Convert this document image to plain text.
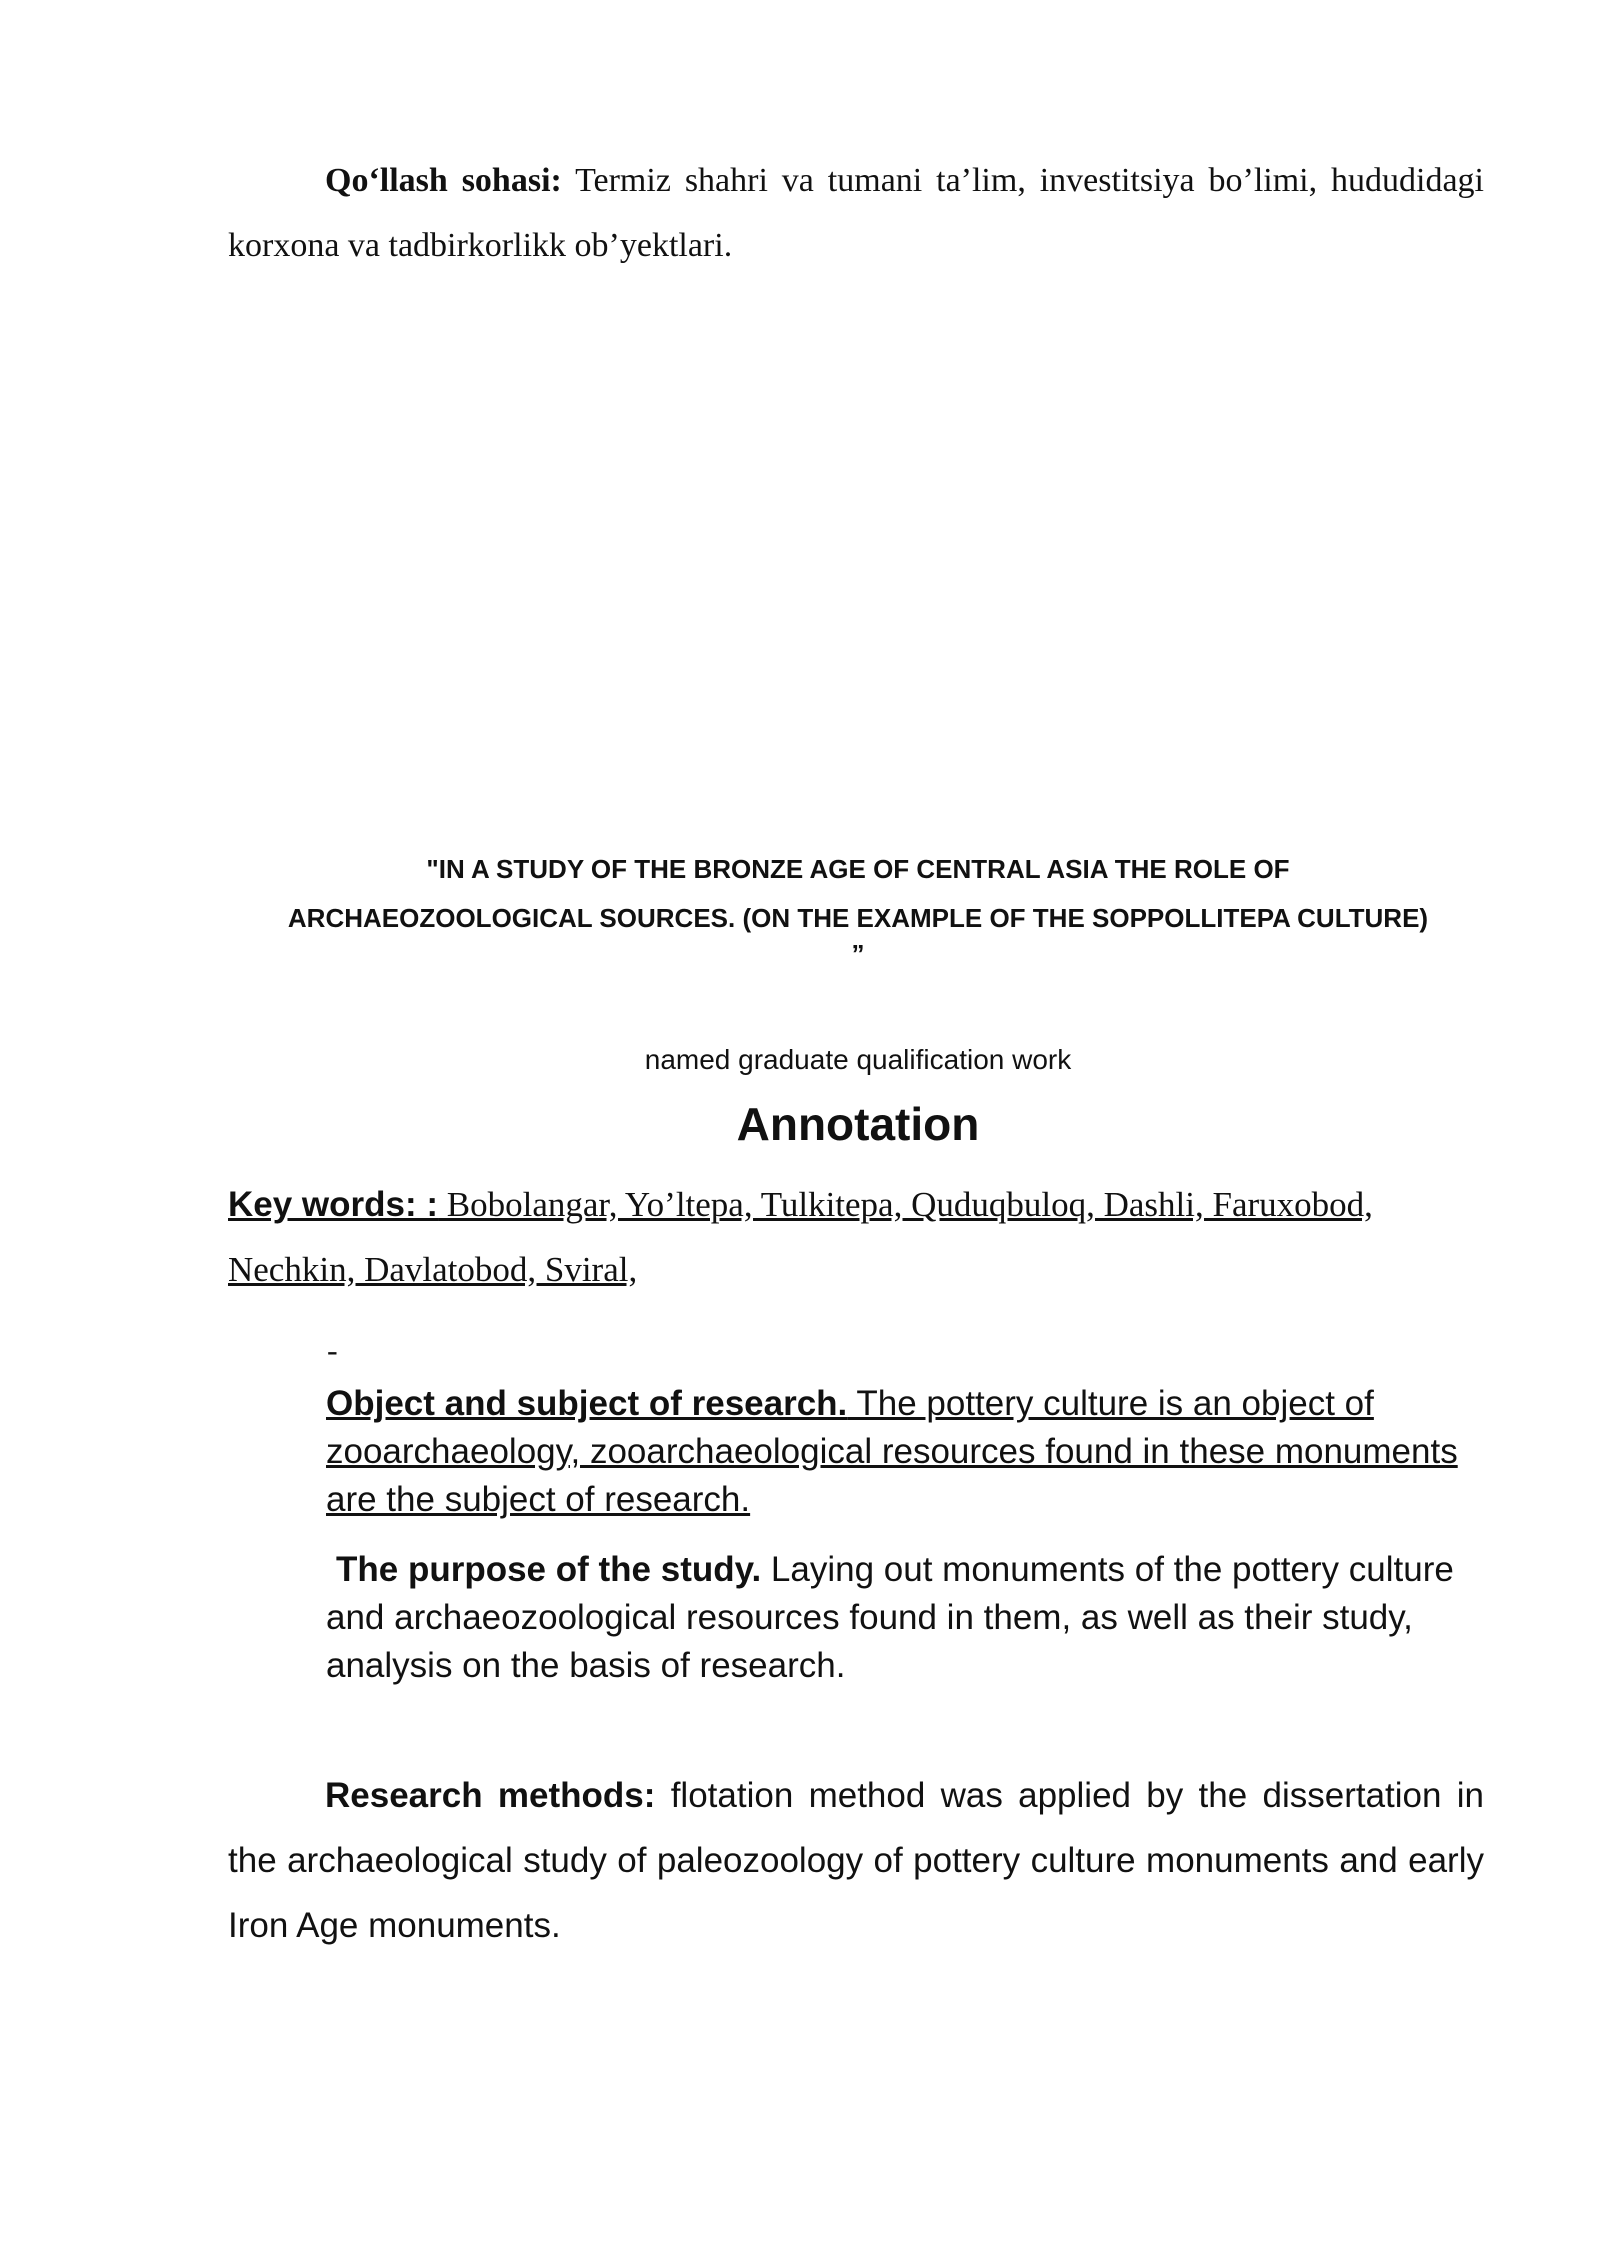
Qo‘llash sohasi: Termiz shahri va tumani ta’lim, investitsiya bo’limi, hududidagi korxona va tadbirkorlikk ob’yektlari.

"IN A STUDY OF THE BRONZE AGE OF CENTRAL ASIA THE ROLE OF
ARCHAEOZOOLOGICAL SOURCES. (ON THE EXAMPLE OF THE SOPPOLLITEPA CULTURE)
”
named graduate qualification work
Annotation

Key words: : Bobolangar, Yo’ltepa, Tulkitepa, Quduqbuloq, Dashli, Faruxobod, Nechkin, Davlatobod, Sviral,

-

Object and subject of research. The pottery culture is an object of zooarchaeology, zooarchaeological resources found in these monuments are the subject of research.

The purpose of the study. Laying out monuments of the pottery culture and archaeozoological resources found in them, as well as their study, analysis on the basis of research.

Research methods: flotation method was applied by the dissertation in the archaeological study of paleozoology of pottery culture monuments and early Iron Age monuments.
